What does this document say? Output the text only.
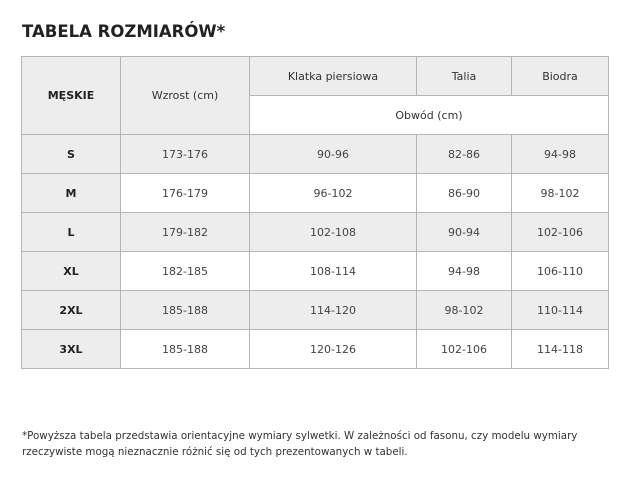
TABELA ROZMIARÓW*
MĘSKIE	Wzrost (cm)	Klatka piersiowa	Talia	Biodra
		Obwód (cm)		
S	173-176	90-96	82-86	94-98
M	176-179	96-102	86-90	98-102
L	179-182	102-108	90-94	102-106
XL	182-185	108-114	94-98	106-110
2XL	185-188	114-120	98-102	110-114
3XL	185-188	120-126	102-106	114-118

*Powyższa tabela przedstawia orientacyjne wymiary sylwetki. W zależności od fasonu, czy modelu wymiary

rzeczywiste mogą nieznacznie różnić się od tych prezentowanych w tabeli.
